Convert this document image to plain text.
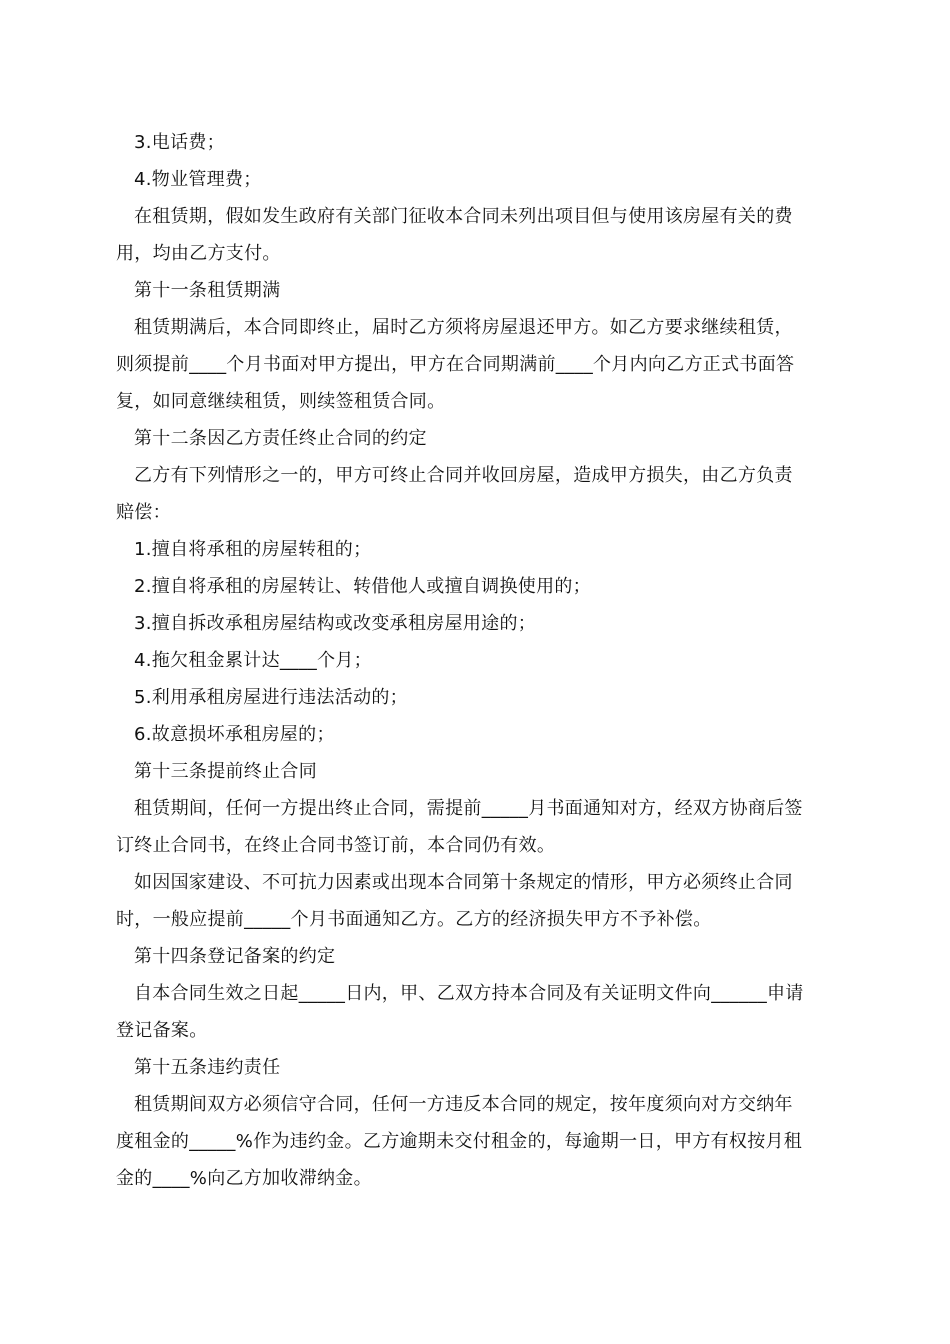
3.电话费；
4.物业管理费；
在租赁期，假如发生政府有关部门征收本合同未列出项目但与使用该房屋有关的费
用，均由乙方支付。
第十一条租赁期满
租赁期满后，本合同即终止，届时乙方须将房屋退还甲方。如乙方要求继续租赁，
则须提前____个月书面对甲方提出，甲方在合同期满前____个月内向乙方正式书面答
复，如同意继续租赁，则续签租赁合同。
第十二条因乙方责任终止合同的约定
乙方有下列情形之一的，甲方可终止合同并收回房屋，造成甲方损失，由乙方负责
赔偿：
1.擅自将承租的房屋转租的；
2.擅自将承租的房屋转让、转借他人或擅自调换使用的；
3.擅自拆改承租房屋结构或改变承租房屋用途的；
4.拖欠租金累计达____个月；
5.利用承租房屋进行违法活动的；
6.故意损坏承租房屋的；
第十三条提前终止合同
租赁期间，任何一方提出终止合同，需提前_____月书面通知对方，经双方协商后签
订终止合同书，在终止合同书签订前，本合同仍有效。
如因国家建设、不可抗力因素或出现本合同第十条规定的情形，甲方必须终止合同
时，一般应提前_____个月书面通知乙方。乙方的经济损失甲方不予补偿。
第十四条登记备案的约定
自本合同生效之日起_____日内，甲、乙双方持本合同及有关证明文件向______申请
登记备案。
第十五条违约责任
租赁期间双方必须信守合同，任何一方违反本合同的规定，按年度须向对方交纳年
度租金的_____%作为违约金。乙方逾期未交付租金的，每逾期一日，甲方有权按月租
金的____%向乙方加收滞纳金。
